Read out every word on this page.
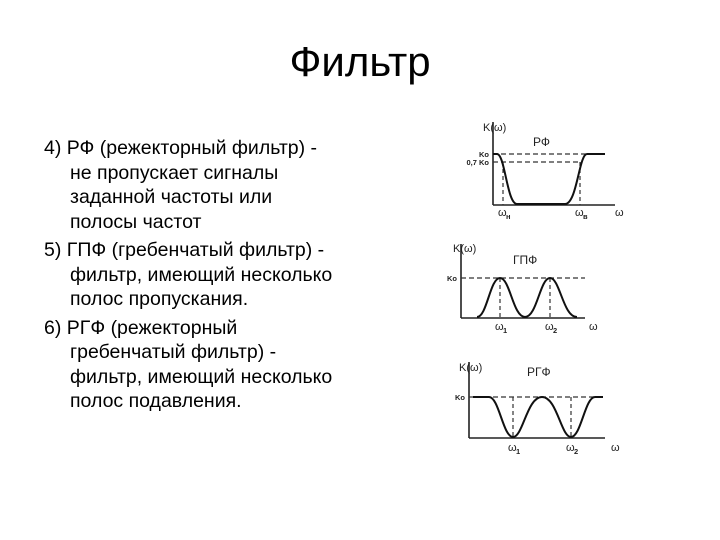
Фильтр
4) РФ (режекторный фильтр) -
не пропускает сигналы
заданной частоты или
полосы частот
5) ГПФ (гребенчатый фильтр) -
фильтр, имеющий несколько
полос пропускания.
6) РГФ (режекторный
гребенчатый фильтр) -
фильтр, имеющий несколько
полос подавления.
K(ω)
РФ
Ko
0,7 Ko
ω н	ω в ω
K(ω)
ГПФ
Ko
ω 1	ω 2	ω
K(ω)	РГФ
Ko
ω 1	ω 2	ω
